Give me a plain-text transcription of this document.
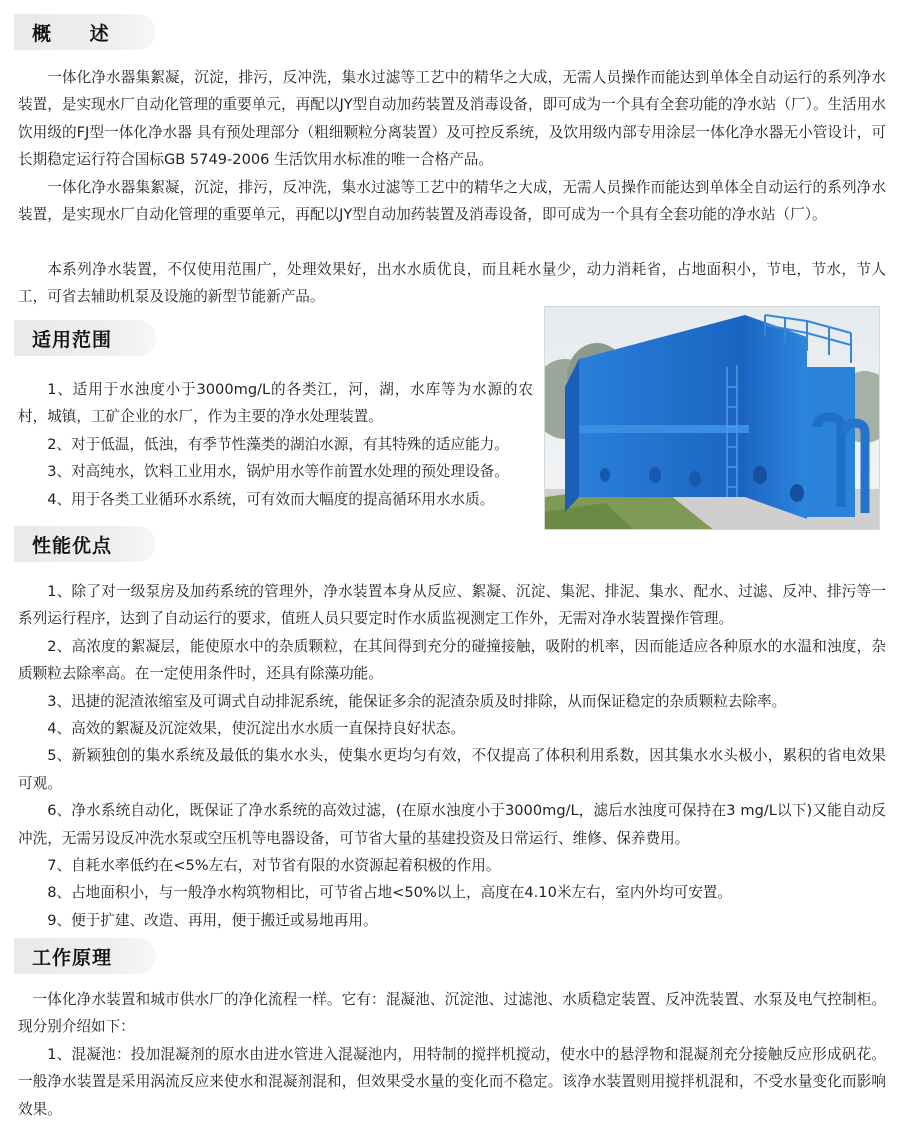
概 述

一体化净水器集絮凝，沉淀，排污，反冲洗，集水过滤等工艺中的精华之大成，无需人员操作而能达到单体全自动运行的系列净水装置，是实现水厂自动化管理的重要单元，再配以JY型自动加药装置及消毒设备，即可成为一个具有全套功能的净水站（厂）。生活用水饮用级的FJ型一体化净水器 具有预处理部分（粗细颗粒分离装置）及可控反系统，及饮用级内部专用涂层一体化净水器无小管设计，可长期稳定运行符合国标GB 5749-2006 生活饮用水标准的唯一合格产品。

一体化净水器集絮凝，沉淀，排污，反冲洗，集水过滤等工艺中的精华之大成，无需人员操作而能达到单体全自动运行的系列净水装置，是实现水厂自动化管理的重要单元，再配以JY型自动加药装置及消毒设备，即可成为一个具有全套功能的净水站（厂）。

本系列净水装置，不仅使用范围广，处理效果好，出水水质优良，而且耗水量少，动力消耗省，占地面积小，节电，节水，节人工，可省去辅助机泵及设施的新型节能新产品。

适用范围

1、适用于水浊度小于3000mg/L的各类江，河，湖，水库等为水源的农村，城镇，工矿企业的水厂，作为主要的净水处理装置。

2、对于低温，低浊，有季节性藻类的湖泊水源，有其特殊的适应能力。

3、对高纯水，饮料工业用水，锅炉用水等作前置水处理的预处理设备。

4、用于各类工业循环水系统，可有效而大幅度的提高循环用水水质。

性能优点

1、除了对一级泵房及加药系统的管理外，净水装置本身从反应、絮凝、沉淀、集泥、排泥、集水、配水、过滤、反冲、排污等一系列运行程序，达到了自动运行的要求，值班人员只要定时作水质监视测定工作外，无需对净水装置操作管理。

2、高浓度的絮凝层，能使原水中的杂质颗粒，在其间得到充分的碰撞接触，吸附的机率，因而能适应各种原水的水温和浊度，杂质颗粒去除率高。在一定使用条件时，还具有除藻功能。

3、迅捷的泥渣浓缩室及可调式自动排泥系统，能保证多余的泥渣杂质及时排除，从而保证稳定的杂质颗粒去除率。

4、高效的絮凝及沉淀效果，使沉淀出水水质一直保持良好状态。

5、新颖独创的集水系统及最低的集水水头，使集水更均匀有效，不仅提高了体积利用系数，因其集水水头极小，累积的省电效果可观。

6、净水系统自动化，既保证了净水系统的高效过滤，(在原水浊度小于3000mg/L，滤后水浊度可保持在3 mg/L以下)又能自动反冲洗，无需另设反冲洗水泵或空压机等电器设备，可节省大量的基建投资及日常运行、维修、保养费用。

7、自耗水率低约在<5%左右，对节省有限的水资源起着积极的作用。

8、占地面积小，与一般净水构筑物相比，可节省占地<50%以上，高度在4.10米左右，室内外均可安置。

9、便于扩建、改造、再用，便于搬迁或易地再用。

工作原理

一体化净水装置和城市供水厂的净化流程一样。它有：混凝池、沉淀池、过滤池、水质稳定装置、反冲洗装置、水泵及电气控制柜。现分别介绍如下：

1、混凝池：投加混凝剂的原水由进水管进入混凝池内，用特制的搅拌机搅动，使水中的悬浮物和混凝剂充分接触反应形成矾花。一般净水装置是采用涡流反应来使水和混凝剂混和，但效果受水量的变化而不稳定。该净水装置则用搅拌机混和，不受水量变化而影响效果。
